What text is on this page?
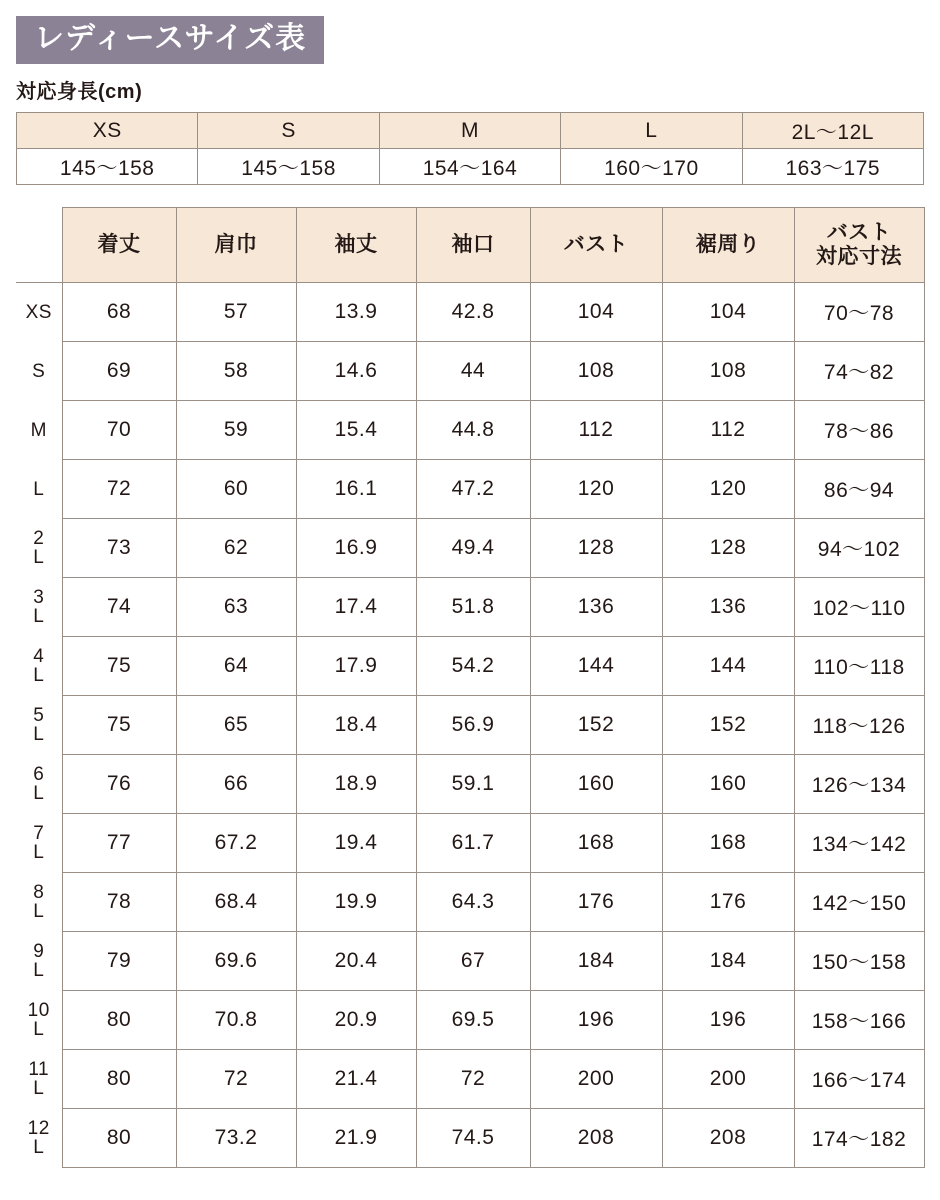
レディースサイズ表
対応身長(cm)
XS	S	M	L	2L〜12L
145〜158	145〜158	154〜164	160〜170	163〜175
	着丈	肩巾	袖丈	袖口	バスト	裾周り	バスト
対応寸法

XS	68	57	13.9	42.8	104	104	70〜78

S	69	58	14.6	44	108	108	74〜82

M	70	59	15.4	44.8	112	112	78〜86

L	72	60	16.1	47.2	120	120	86〜94

2
L	73	62	16.9	49.4	128	128	94〜102

3
L	74	63	17.4	51.8	136	136	102〜110

4
L	75	64	17.9	54.2	144	144	110〜118

5
L	75	65	18.4	56.9	152	152	118〜126

6
L	76	66	18.9	59.1	160	160	126〜134

7
L	77	67.2	19.4	61.7	168	168	134〜142

8
L	78	68.4	19.9	64.3	176	176	142〜150

9
L	79	69.6	20.4	67	184	184	150〜158

10
L	80	70.8	20.9	69.5	196	196	158〜166

11
L	80	72	21.4	72	200	200	166〜174

12
L	80	73.2	21.9	74.5	208	208	174〜182
